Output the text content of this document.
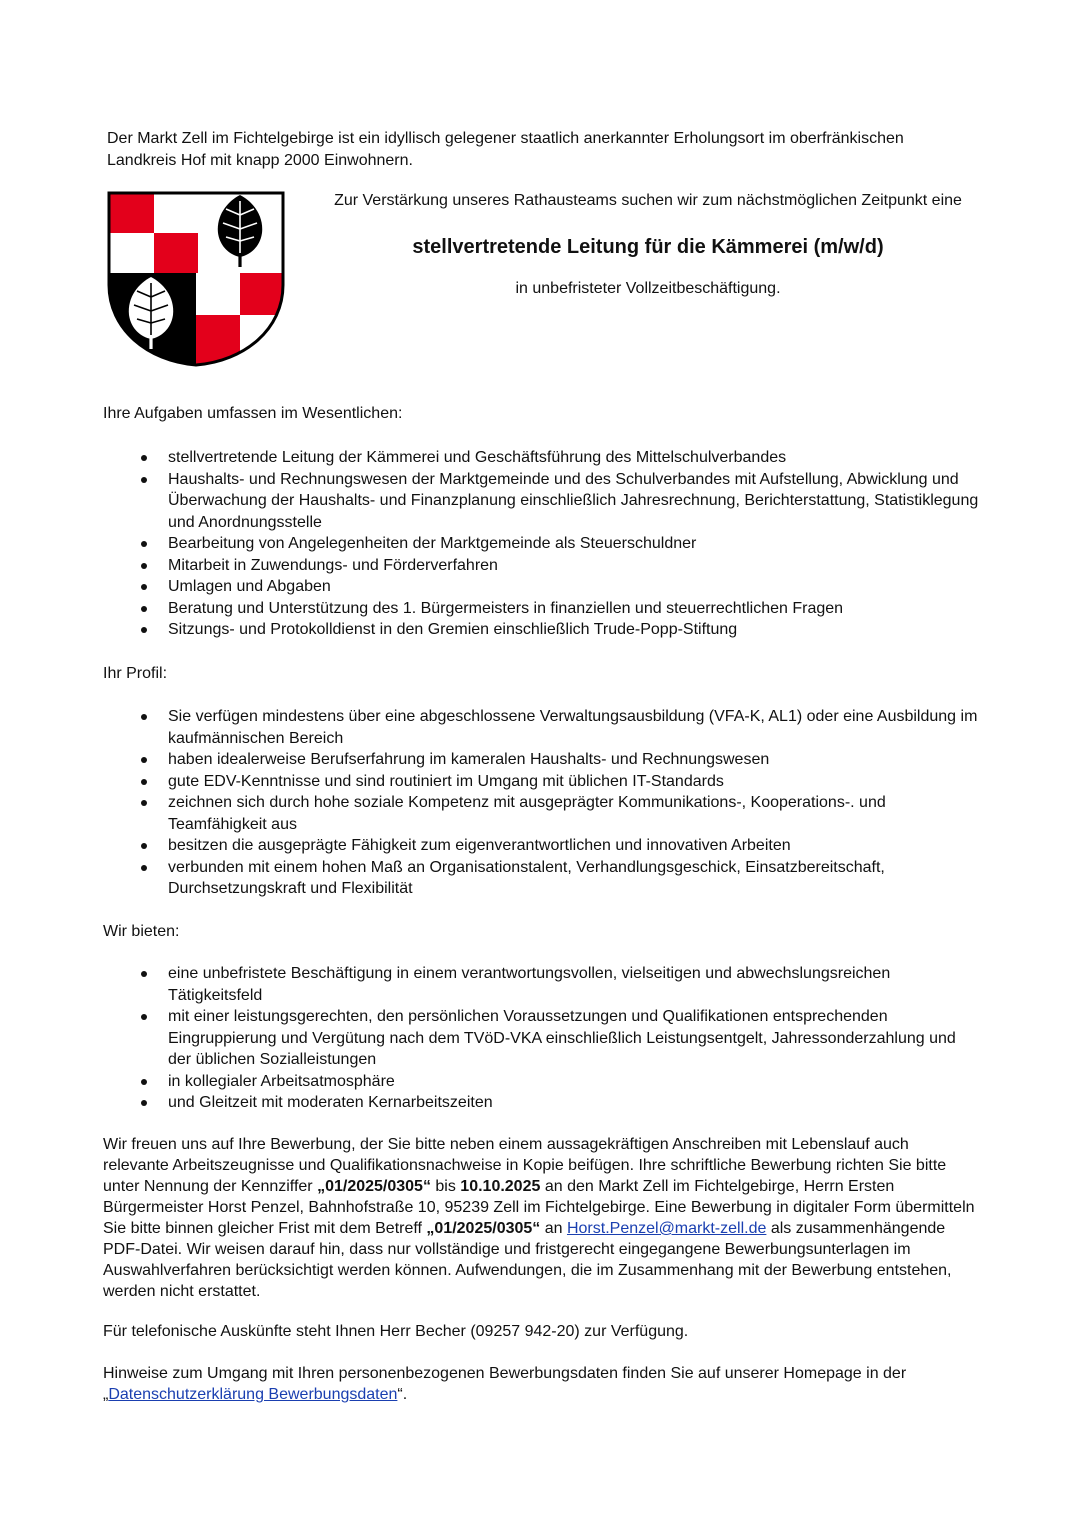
Der Markt Zell im Fichtelgebirge ist ein idyllisch gelegener staatlich anerkannter Erholungsort im oberfränkischen Landkreis Hof mit knapp 2000 Einwohnern.
Zur Verstärkung unseres Rathausteams suchen wir zum nächstmöglichen Zeitpunkt eine
stellvertretende Leitung für die Kämmerei (m/w/d)
in unbefristeter Vollzeitbeschäftigung.
Ihre Aufgaben umfassen im Wesentlichen:
stellvertretende Leitung der Kämmerei und Geschäftsführung des Mittelschulverbandes
Haushalts- und Rechnungswesen der Marktgemeinde und des Schulverbandes mit Aufstellung, Abwicklung und Überwachung der Haushalts- und Finanzplanung einschließlich Jahresrechnung, Berichterstattung, Statistiklegung und Anordnungsstelle
Bearbeitung von Angelegenheiten der Marktgemeinde als Steuerschuldner
Mitarbeit in Zuwendungs- und Förderverfahren
Umlagen und Abgaben
Beratung und Unterstützung des 1. Bürgermeisters in finanziellen und steuerrechtlichen Fragen
Sitzungs- und Protokolldienst in den Gremien einschließlich Trude-Popp-Stiftung
Ihr Profil:
Sie verfügen mindestens über eine abgeschlossene Verwaltungsausbildung (VFA-K, AL1) oder eine Ausbildung im kaufmännischen Bereich
haben idealerweise Berufserfahrung im kameralen Haushalts- und Rechnungswesen
gute EDV-Kenntnisse und sind routiniert im Umgang mit üblichen IT-Standards
zeichnen sich durch hohe soziale Kompetenz mit ausgeprägter Kommunikations-, Kooperations-. und Teamfähigkeit aus
besitzen die ausgeprägte Fähigkeit zum eigenverantwortlichen und innovativen Arbeiten
verbunden mit einem hohen Maß an Organisationstalent, Verhandlungsgeschick, Einsatzbereitschaft, Durchsetzungskraft und Flexibilität
Wir bieten:
eine unbefristete Beschäftigung in einem verantwortungsvollen, vielseitigen und abwechslungsreichen Tätigkeitsfeld
mit einer leistungsgerechten, den persönlichen Voraussetzungen und Qualifikationen entsprechenden Eingruppierung und Vergütung nach dem TVöD-VKA einschließlich Leistungsentgelt, Jahressonderzahlung und der üblichen Sozialleistungen
in kollegialer Arbeitsatmosphäre
und Gleitzeit mit moderaten Kernarbeitszeiten
Wir freuen uns auf Ihre Bewerbung, der Sie bitte neben einem aussagekräftigen Anschreiben mit Lebenslauf auch relevante Arbeitszeugnisse und Qualifikationsnachweise in Kopie beifügen. Ihre schriftliche Bewerbung richten Sie bitte unter Nennung der Kennziffer „01/2025/0305“ bis 10.10.2025 an den Markt Zell im Fichtelgebirge, Herrn Ersten Bürgermeister Horst Penzel, Bahnhofstraße 10, 95239 Zell im Fichtelgebirge. Eine Bewerbung in digitaler Form übermitteln Sie bitte binnen gleicher Frist mit dem Betreff „01/2025/0305“ an Horst.Penzel@markt-zell.de als zusammenhängende PDF-Datei. Wir weisen darauf hin, dass nur vollständige und fristgerecht eingegangene Bewerbungsunterlagen im Auswahlverfahren berücksichtigt werden können. Aufwendungen, die im Zusammenhang mit der Bewerbung entstehen, werden nicht erstattet.
Für telefonische Auskünfte steht Ihnen Herr Becher (09257 942-20) zur Verfügung.
Hinweise zum Umgang mit Ihren personenbezogenen Bewerbungsdaten finden Sie auf unserer Homepage in der „Datenschutzerklärung Bewerbungsdaten“.
